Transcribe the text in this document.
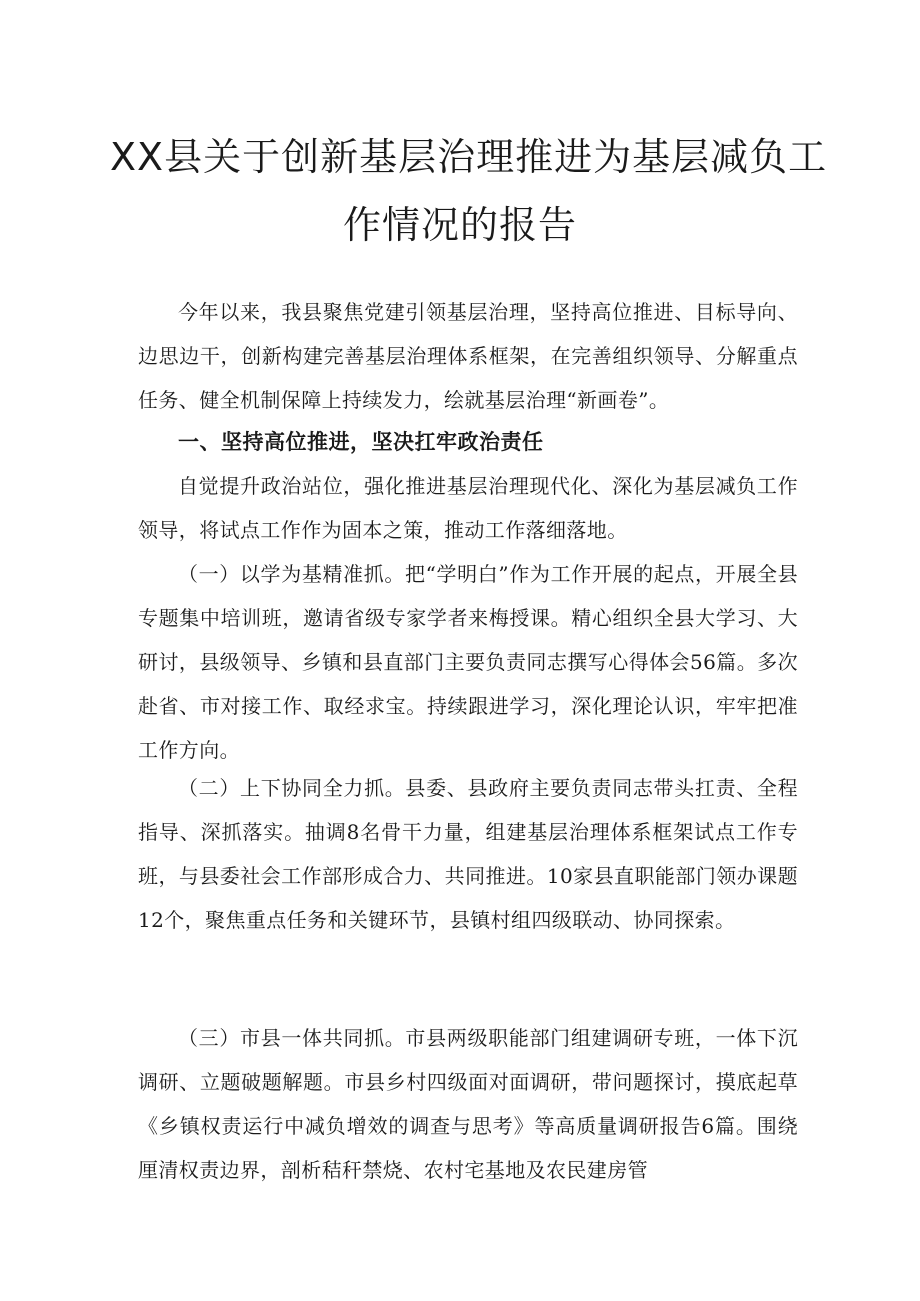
XX县关于创新基层治理推进为基层减负工
作情况的报告

今年以来，我县聚焦党建引领基层治理，坚持高位推进、目标导向、边思边干，创新构建完善基层治理体系框架，在完善组织领导、分解重点任务、健全机制保障上持续发力，绘就基层治理“新画卷”。

一、坚持高位推进，坚决扛牢政治责任

自觉提升政治站位，强化推进基层治理现代化、深化为基层减负工作领导，将试点工作作为固本之策，推动工作落细落地。

（一）以学为基精准抓。把“学明白”作为工作开展的起点，开展全县专题集中培训班，邀请省级专家学者来梅授课。精心组织全县大学习、大研讨，县级领导、乡镇和县直部门主要负责同志撰写心得体会56篇。多次赴省、市对接工作、取经求宝。持续跟进学习，深化理论认识，牢牢把准工作方向。

（二）上下协同全力抓。县委、县政府主要负责同志带头扛责、全程指导、深抓落实。抽调8名骨干力量，组建基层治理体系框架试点工作专班，与县委社会工作部形成合力、共同推进。10家县直职能部门领办课题12个，聚焦重点任务和关键环节，县镇村组四级联动、协同探索。

（三）市县一体共同抓。市县两级职能部门组建调研专班，一体下沉调研、立题破题解题。市县乡村四级面对面调研，带问题探讨，摸底起草《乡镇权责运行中减负增效的调查与思考》等高质量调研报告6篇。围绕厘清权责边界，剖析秸秆禁烧、农村宅基地及农民建房管
